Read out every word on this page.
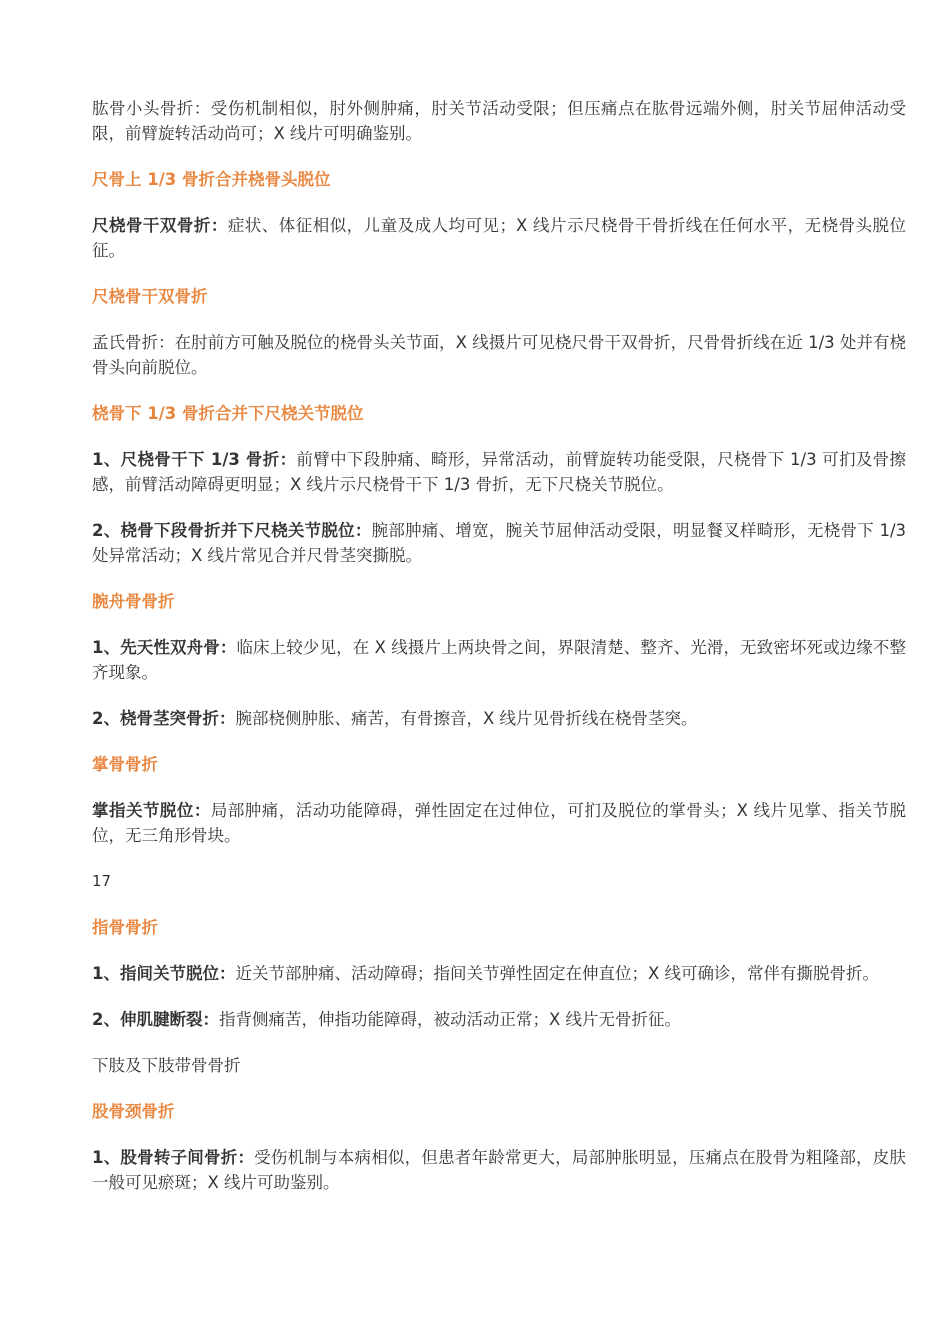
肱骨小头骨折：受伤机制相似，肘外侧肿痛，肘关节活动受限；但压痛点在肱骨远端外侧，肘关节屈伸活动受限，前臂旋转活动尚可；X 线片可明确鉴别。
尺骨上 1/3 骨折合并桡骨头脱位
尺桡骨干双骨折：症状、体征相似，儿童及成人均可见；X 线片示尺桡骨干骨折线在任何水平，无桡骨头脱位征。
尺桡骨干双骨折
孟氏骨折：在肘前方可触及脱位的桡骨头关节面，X 线摄片可见桡尺骨干双骨折，尺骨骨折线在近 1/3 处并有桡骨头向前脱位。
桡骨下 1/3 骨折合并下尺桡关节脱位
1、尺桡骨干下 1/3 骨折：前臂中下段肿痛、畸形，异常活动，前臂旋转功能受限，尺桡骨下 1/3 可扪及骨擦感，前臂活动障碍更明显；X 线片示尺桡骨干下 1/3 骨折，无下尺桡关节脱位。
2、桡骨下段骨折并下尺桡关节脱位：腕部肿痛、增宽，腕关节屈伸活动受限，明显餐叉样畸形，无桡骨下 1/3 处异常活动；X 线片常见合并尺骨茎突撕脱。
腕舟骨骨折
1、先天性双舟骨：临床上较少见，在 X 线摄片上两块骨之间，界限清楚、整齐、光滑，无致密坏死或边缘不整齐现象。
2、桡骨茎突骨折：腕部桡侧肿胀、痛苦，有骨擦音，X 线片见骨折线在桡骨茎突。
掌骨骨折
掌指关节脱位：局部肿痛，活动功能障碍，弹性固定在过伸位，可扪及脱位的掌骨头；X 线片见掌、指关节脱位，无三角形骨块。
17
指骨骨折
1、指间关节脱位：近关节部肿痛、活动障碍；指间关节弹性固定在伸直位；X 线可确诊，常伴有撕脱骨折。
2、伸肌腱断裂：指背侧痛苦，伸指功能障碍，被动活动正常；X 线片无骨折征。
下肢及下肢带骨骨折
股骨颈骨折
1、股骨转子间骨折：受伤机制与本病相似，但患者年龄常更大，局部肿胀明显，压痛点在股骨为粗隆部，皮肤一般可见瘀斑；X 线片可助鉴别。
